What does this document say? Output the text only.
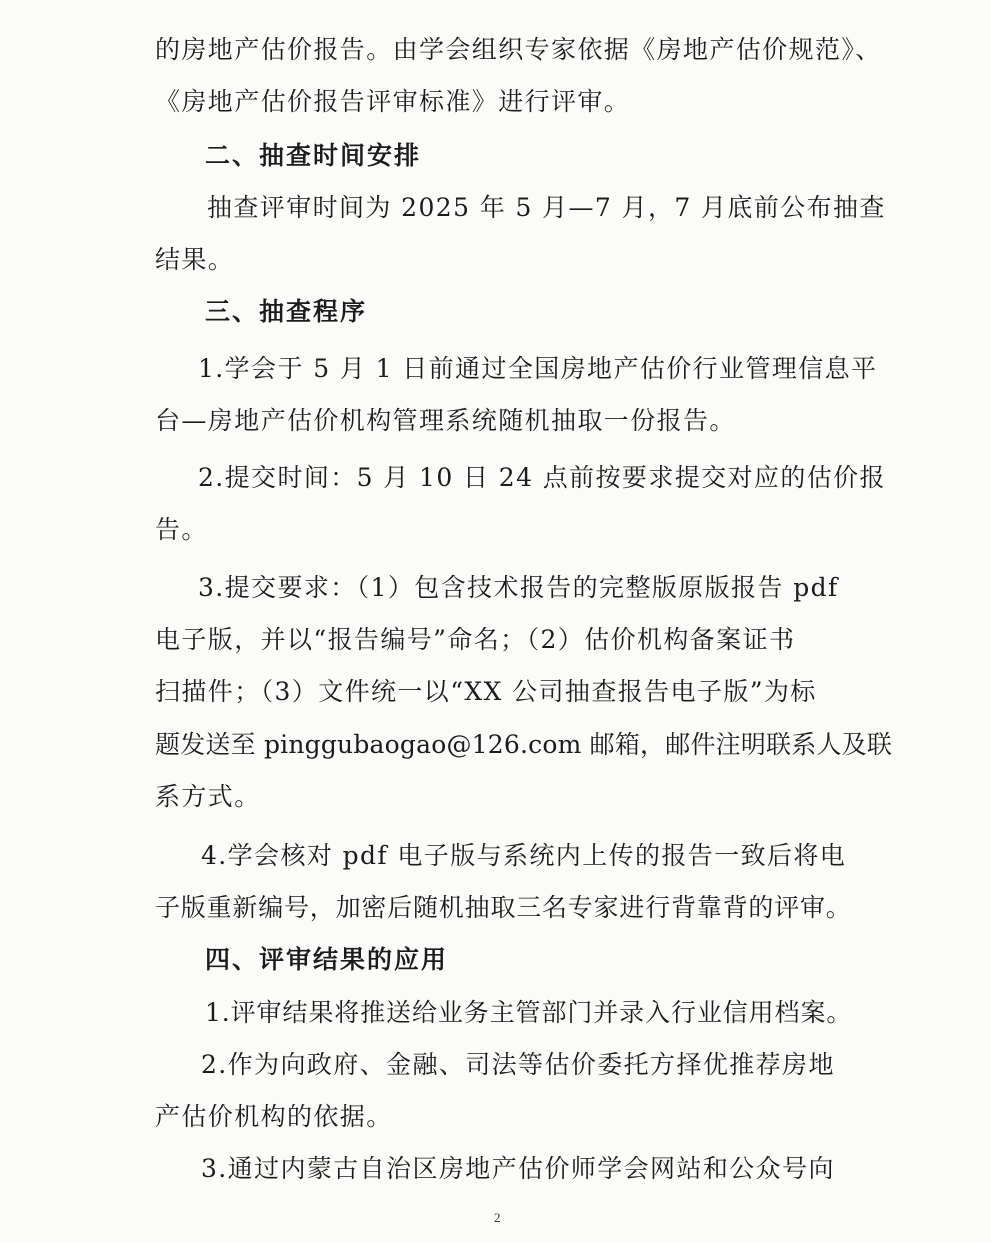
的房地产估价报告。由学会组织专家依据《房地产估价规范》、
《房地产估价报告评审标准》进行评审。
二、抽查时间安排
抽查评审时间为 2025 年 5 月—7 月，7 月底前公布抽查
结果。
三、抽查程序
1.学会于 5 月 1 日前通过全国房地产估价行业管理信息平
台—房地产估价机构管理系统随机抽取一份报告。
2.提交时间：5 月 10 日 24 点前按要求提交对应的估价报
告。
3.提交要求：（1）包含技术报告的完整版原版报告 pdf
电子版，并以“报告编号”命名；（2）估价机构备案证书
扫描件；（3）文件统一以“XX 公司抽查报告电子版”为标
题发送至 pinggubaogao@126.com 邮箱，邮件注明联系人及联
系方式。
4.学会核对 pdf 电子版与系统内上传的报告一致后将电
子版重新编号，加密后随机抽取三名专家进行背靠背的评审。
四、评审结果的应用
1.评审结果将推送给业务主管部门并录入行业信用档案。
2.作为向政府、金融、司法等估价委托方择优推荐房地
产估价机构的依据。
3.通过内蒙古自治区房地产估价师学会网站和公众号向
2
